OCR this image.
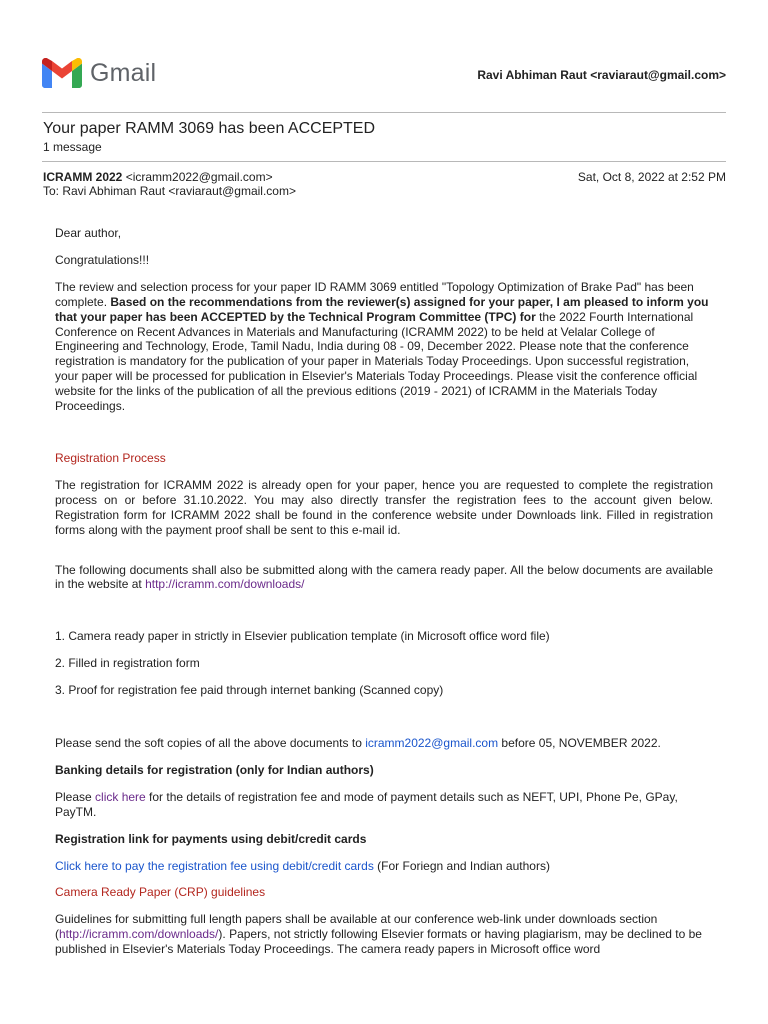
Gmail	Ravi Abhiman Raut <raviaraut@gmail.com>
Your paper RAMM 3069 has been ACCEPTED
1 message
ICRAMM 2022 <icramm2022@gmail.com>	Sat, Oct 8, 2022 at 2:52 PM
To: Ravi Abhiman Raut <raviaraut@gmail.com>

Dear author,

Congratulations!!!

The review and selection process for your paper ID RAMM 3069 entitled "Topology Optimization of Brake Pad" has been complete. Based on the recommendations from the reviewer(s) assigned for your paper, I am pleased to inform you that your paper has been ACCEPTED by the Technical Program Committee (TPC) for the 2022 Fourth International Conference on Recent Advances in Materials and Manufacturing (ICRAMM 2022) to be held at Velalar College of Engineering and Technology, Erode, Tamil Nadu, India during 08 - 09, December 2022. Please note that the conference registration is mandatory for the publication of your paper in Materials Today Proceedings. Upon successful registration, your paper will be processed for publication in Elsevier's Materials Today Proceedings. Please visit the conference official website for the links of the publication of all the previous editions (2019 - 2021) of ICRAMM in the Materials Today Proceedings.

Registration Process

The registration for ICRAMM 2022 is already open for your paper, hence you are requested to complete the registration process on or before 31.10.2022. You may also directly transfer the registration fees to the account given below. Registration form for ICRAMM 2022 shall be found in the conference website under Downloads link. Filled in registration forms along with the payment proof shall be sent to this e-mail id.

The following documents shall also be submitted along with the camera ready paper. All the below documents are available in the website at http://icramm.com/downloads/

1. Camera ready paper in strictly in Elsevier publication template (in Microsoft office word file)

2. Filled in registration form

3. Proof for registration fee paid through internet banking (Scanned copy)

Please send the soft copies of all the above documents to icramm2022@gmail.com before 05, NOVEMBER 2022.

Banking details for registration (only for Indian authors)

Please click here for the details of registration fee and mode of payment details such as NEFT, UPI, Phone Pe, GPay, PayTM.

Registration link for payments using debit/credit cards

Click here to pay the registration fee using debit/credit cards (For Foriegn and Indian authors)

Camera Ready Paper (CRP) guidelines

Guidelines for submitting full length papers shall be available at our conference web-link under downloads section (http://icramm.com/downloads/). Papers, not strictly following Elsevier formats or having plagiarism, may be declined to be published in Elsevier's Materials Today Proceedings. The camera ready papers in Microsoft office word
